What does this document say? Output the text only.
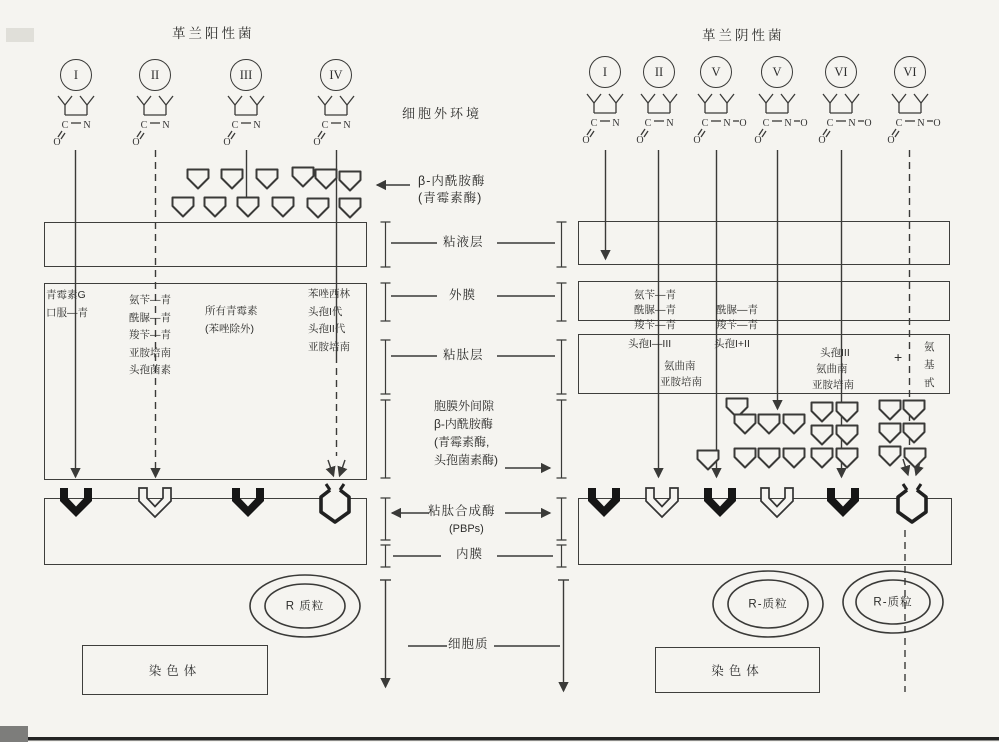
染色体	染色体
革兰阳性菌	革兰阴性菌
细胞外环境
β-内酰胺酶
(青霉素酶)
粘液层
外膜
粘肽层
胞膜外间隙
β-内酰胺酶
(青霉素酶,
头孢菌素酶)
粘肽合成酶
(PBPs)
内膜
细胞质
青霉素G
口服—青
氨苄—青
酰脲—青
羧苄—青
亚胺培南
头孢菌素
所有青霉素
(苯唑除外)
苯唑西林
头孢I代
头孢II代
亚胺培南
氨苄—青
酰脲—青
羧苄—青
酰脲—青
羧苄—青
头孢I—III
氨曲南
亚胺培南
头孢I+II
头孢III
氨曲南
亚胺培南
+
氨
基
甙
R 质粒	R-质粒	R-质粒
I
C N
O
II
C N
O
III
C N
O
IV
C N
O
I
C N
O
II
C N
O
V
C N
O
O
V
C N
O
O
VI
C N
O
O
VI
C N
O
O
